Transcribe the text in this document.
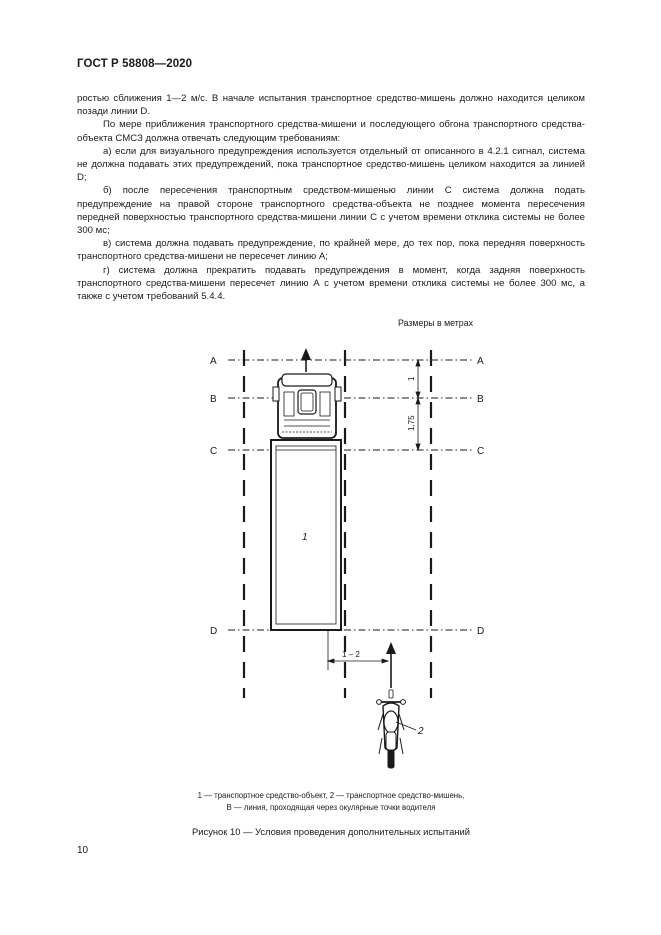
ГОСТ Р 58808—2020

ростью сближения 1—2 м/с. В начале испытания транспортное средство-мишень должно находится целиком позади линии D.

По мере приближения транспортного средства-мишени и последующего обгона транспортного средства-объекта СМСЗ должна отвечать следующим требованиям:

а) если для визуального предупреждения используется отдельный от описанного в 4.2.1 сигнал, система не должна подавать этих предупреждений, пока транспортное средство-мишень целиком находится за линией D;

б) после пересечения транспортным средством-мишенью линии С система должна подать предупреждение на правой стороне транспортного средства-объекта не позднее момента пересечения передней поверхностью транспортного средства-мишени линии С с учетом времени отклика системы не более 300 мс;

в) система должна подавать предупреждение, по крайней мере, до тех пор, пока передняя поверхность транспортного средства-мишени не пересечет линию А;

г) система должна прекратить подавать предупреждения в момент, когда задняя поверхность транспортного средства-мишени пересечет линию А с учетом времени отклика системы не более 300 мс, а также с учетом требований 5.4.4.

Размеры в метрах
A	A
B	B
C	C
D	D
1
1
1,75
1 – 2
2
1 — транспортное средство-объект, 2 — транспортное средство-мишень,
B — линия, проходящая через окулярные точки водителя
Рисунок 10 — Условия проведения дополнительных испытаний
10
